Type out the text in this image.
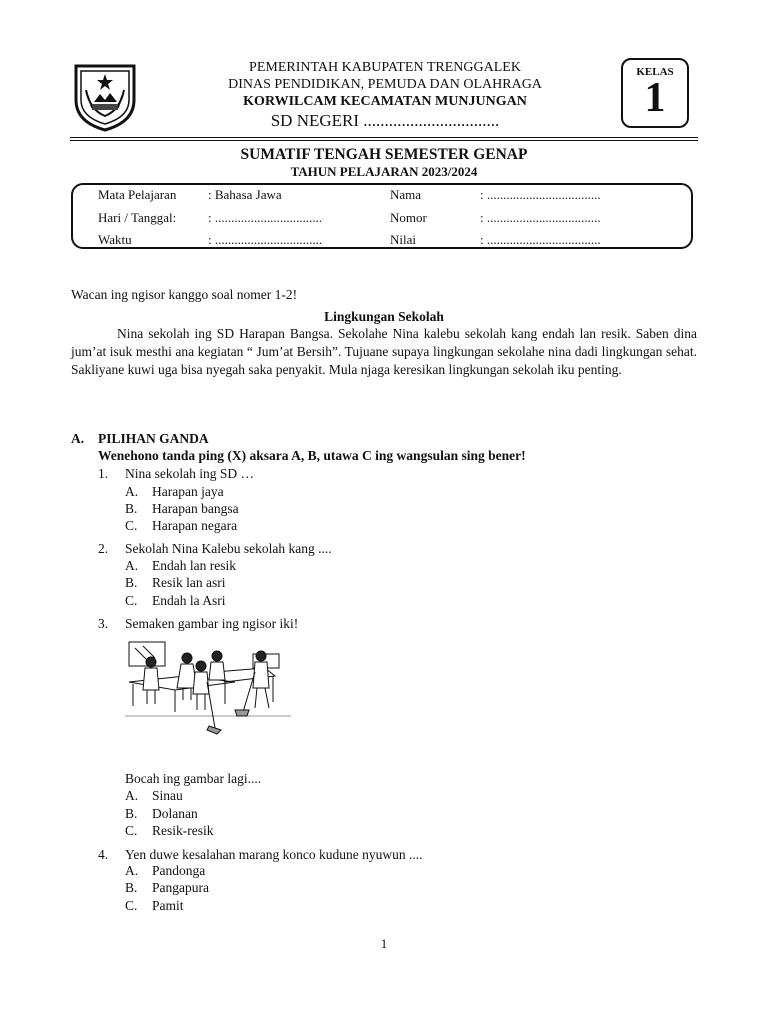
PEMERINTAH KABUPATEN TRENGGALEK
DINAS PENDIDIKAN, PEMUDA DAN OLAHRAGA
KORWILCAM KECAMATAN MUNJUNGAN
SD NEGERI ................................
KELAS
1
SUMATIF TENGAH SEMESTER GENAP
TAHUN PELAJARAN 2023/2024
Mata Pelajaran : Bahasa Jawa	Nama	: ...................................
Hari / Tanggal: : .................................	Nomor	: ...................................
Waktu	: .................................	Nilai	: ...................................
Wacan ing ngisor kanggo soal nomer 1-2!
Lingkungan Sekolah

Nina sekolah ing SD Harapan Bangsa. Sekolahe Nina kalebu sekolah kang endah lan resik. Saben dina jum’at isuk mesthi ana kegiatan “ Jum’at Bersih”. Tujuane supaya lingkungan sekolahe nina dadi lingkungan sehat. Sakliyane kuwi uga bisa nyegah saka penyakit. Mula njaga keresikan lingkungan sekolah iku penting.

A. PILIHAN GANDA
Wenehono tanda ping (X) aksara A, B, utawa C ing wangsulan sing bener!
1. Nina sekolah ing SD …
A. Harapan jaya
B. Harapan bangsa
C. Harapan negara
2. Sekolah Nina Kalebu sekolah kang ....
A. Endah lan resik
B. Resik lan asri
C. Endah la Asri
3. Semaken gambar ing ngisor iki!
Bocah ing gambar lagi....
A. Sinau
B. Dolanan
C. Resik-resik
4. Yen duwe kesalahan marang konco kudune nyuwun ....
A. Pandonga
B. Pangapura
C. Pamit
1
